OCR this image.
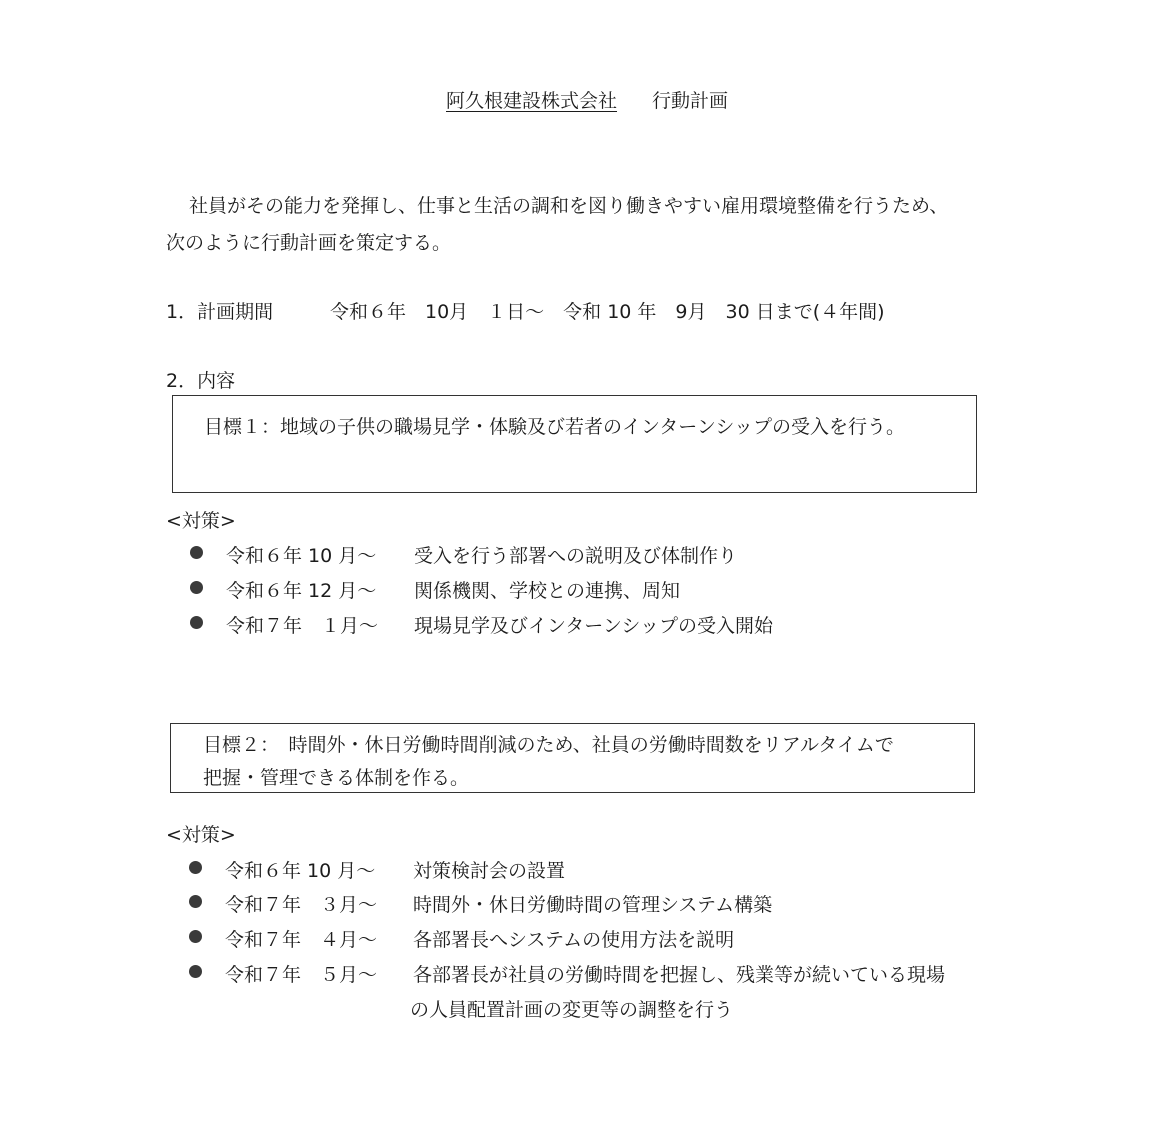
阿久根建設株式会社	行動計画
社員がその能力を発揮し、仕事と生活の調和を図り働きやすい雇用環境整備を行うため、
次のように行動計画を策定する。
1．計画期間	令和６年　10月　１日～　令和 10 年　9月　30 日まで(４年間)
2．内容
目標１：地域の子供の職場見学・体験及び若者のインターンシップの受入を行う。
<対策>
令和６年 10 月～ 受入を行う部署への説明及び体制作り
令和６年 12 月～ 関係機関、学校との連携、周知
令和７年　１月～ 現場見学及びインターンシップの受入開始
目標２：　時間外・休日労働時間削減のため、社員の労働時間数をリアルタイムで
把握・管理できる体制を作る。
<対策>
令和６年 10 月～ 対策検討会の設置
令和７年　３月～ 時間外・休日労働時間の管理システム構築
令和７年　４月～ 各部署長へシステムの使用方法を説明
令和７年　５月～ 各部署長が社員の労働時間を把握し、残業等が続いている現場
の人員配置計画の変更等の調整を行う
